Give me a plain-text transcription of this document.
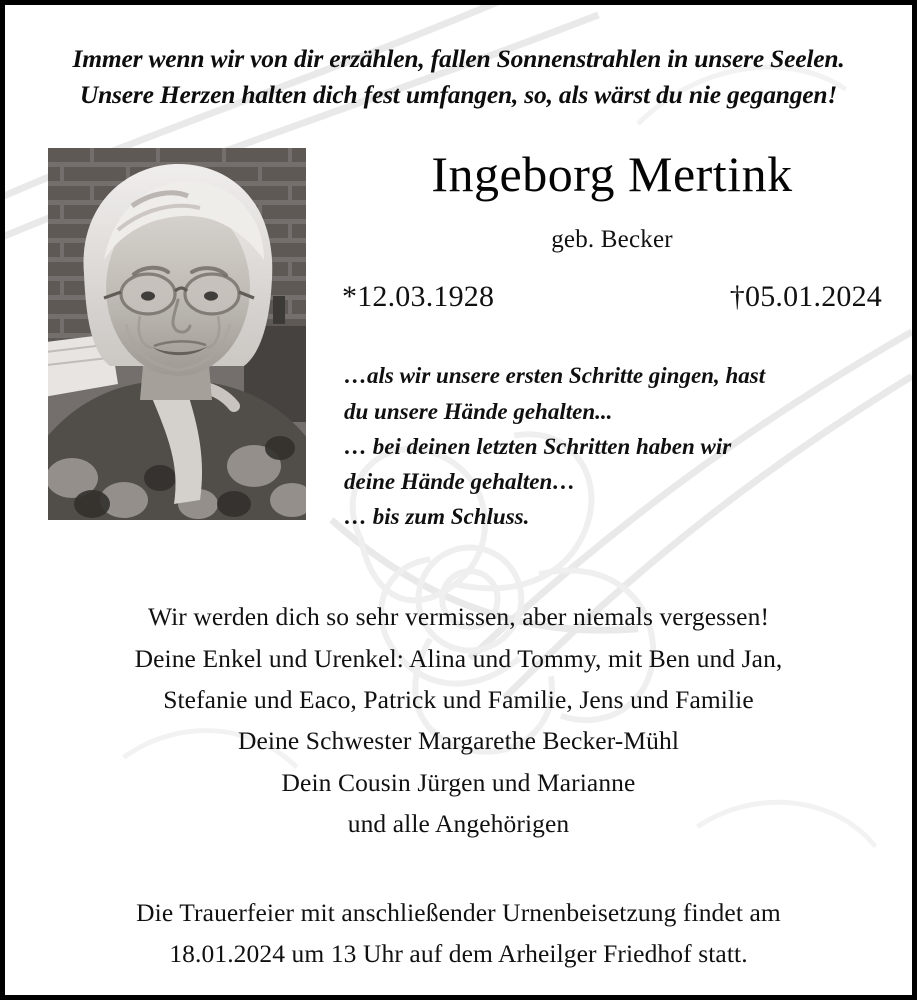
Immer wenn wir von dir erzählen, fallen Sonnenstrahlen in unsere Seelen.
Unsere Herzen halten dich fest umfangen, so, als wärst du nie gegangen!
Ingeborg Mertink
geb. Becker
*12.03.1928	†05.01.2024
…als wir unsere ersten Schritte gingen, hast
du unsere Hände gehalten...
… bei deinen letzten Schritten haben wir
deine Hände gehalten…
… bis zum Schluss.
Wir werden dich so sehr vermissen, aber niemals vergessen!
Deine Enkel und Urenkel: Alina und Tommy, mit Ben und Jan,
Stefanie und Eaco, Patrick und Familie, Jens und Familie
Deine Schwester Margarethe Becker-Mühl
Dein Cousin Jürgen und Marianne
und alle Angehörigen
Die Trauerfeier mit anschließender Urnenbeisetzung findet am
18.01.2024 um 13 Uhr auf dem Arheilger Friedhof statt.
